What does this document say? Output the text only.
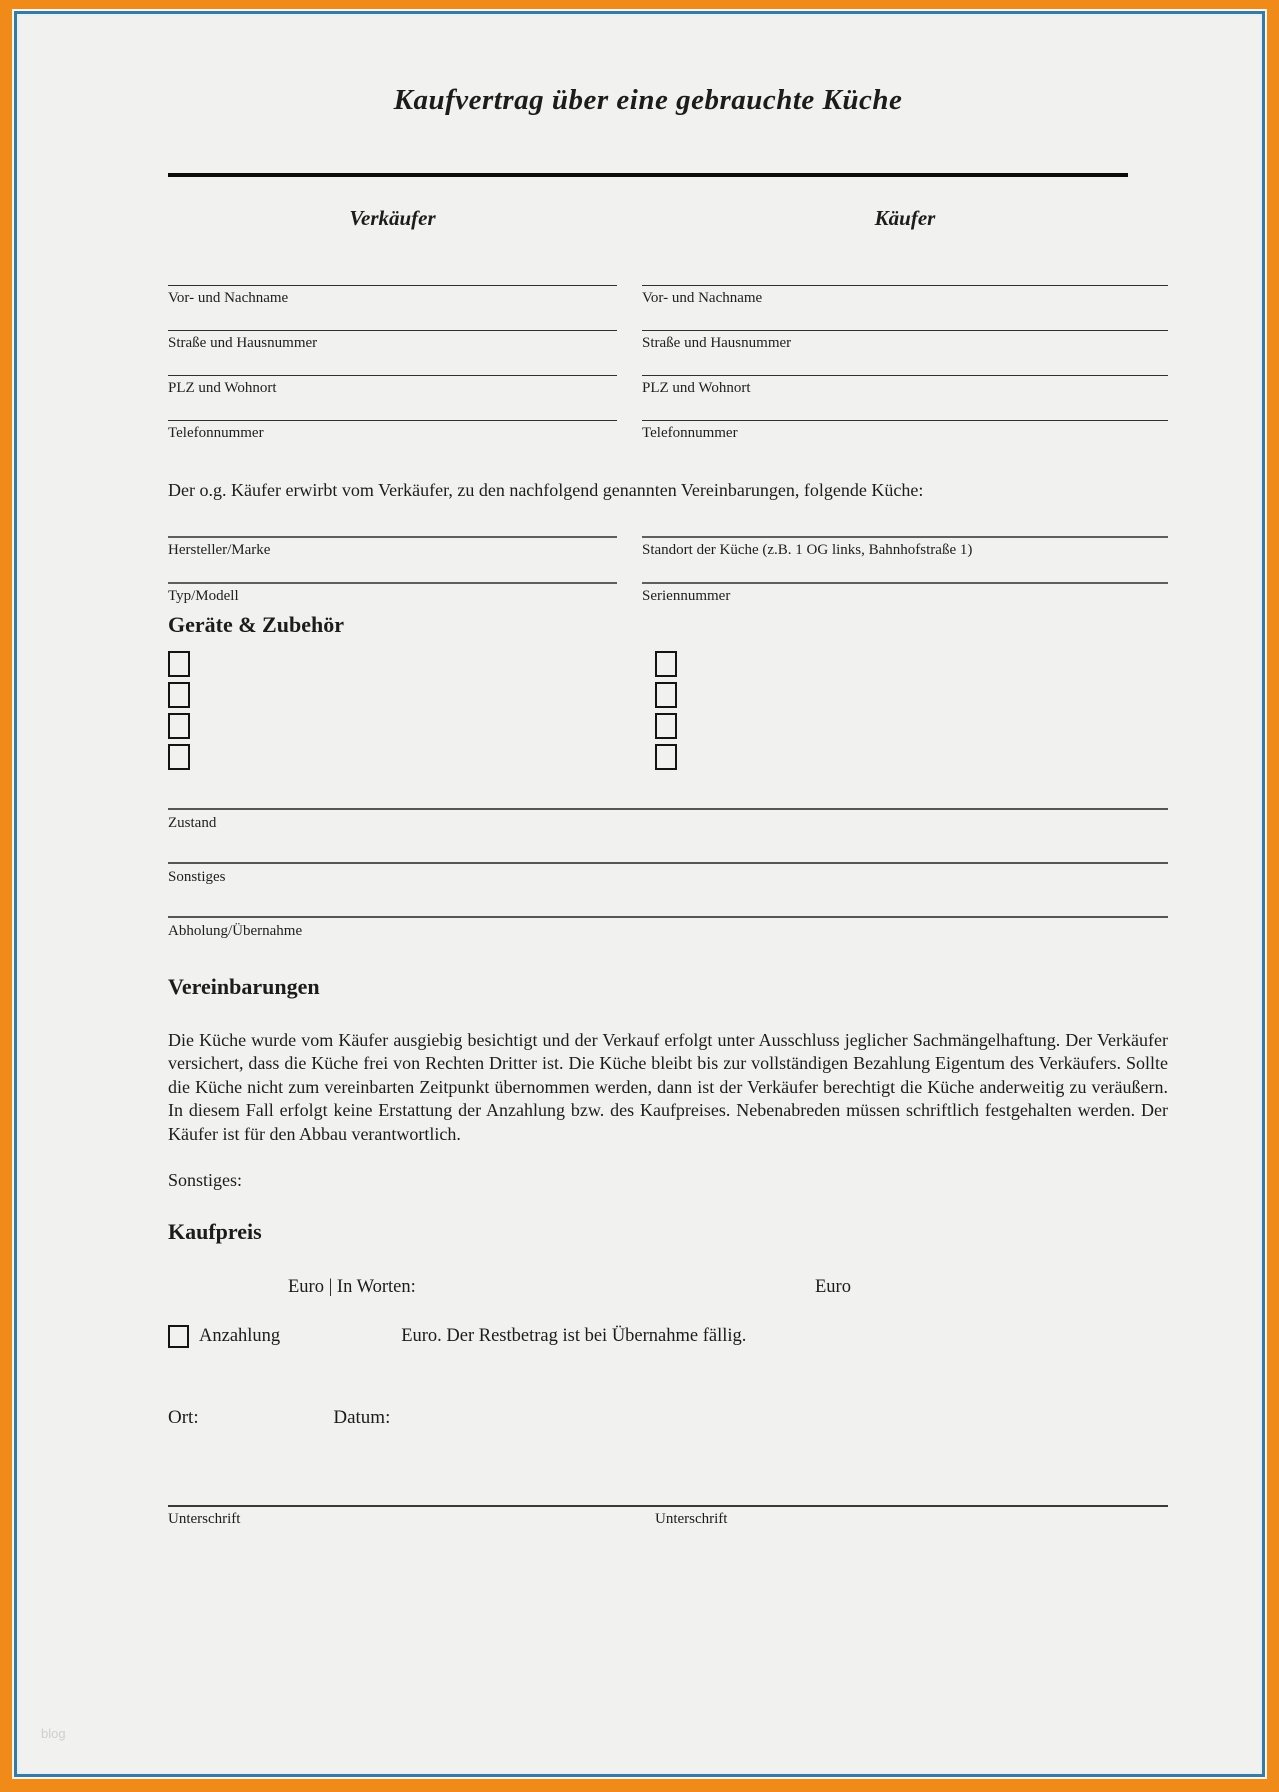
Kaufvertrag über eine gebrauchte Küche
Verkäufer	Käufer
Vor- und Nachname	Vor- und Nachname
Straße und Hausnummer	Straße und Hausnummer
PLZ und Wohnort	PLZ und Wohnort
Telefonnummer	Telefonnummer

Der o.g. Käufer erwirbt vom Verkäufer, zu den nachfolgend genannten Vereinbarungen, folgende Küche:

Hersteller/Marke	Standort der Küche (z.B. 1 OG links, Bahnhofstraße 1)
Typ/Modell	Seriennummer
Geräte & Zubehör
Zustand
Sonstiges
Abholung/Übernahme
Vereinbarungen

Die Küche wurde vom Käufer ausgiebig besichtigt und der Verkauf erfolgt unter Ausschluss jeglicher Sachmängelhaftung. Der Verkäufer versichert, dass die Küche frei von Rechten Dritter ist. Die Küche bleibt bis zur vollständigen Bezahlung Eigentum des Verkäufers. Sollte die Küche nicht zum vereinbarten Zeitpunkt übernommen werden, dann ist der Verkäufer berechtigt die Küche anderweitig zu veräußern. In diesem Fall erfolgt keine Erstattung der Anzahlung bzw. des Kaufpreises. Nebenabreden müssen schriftlich festgehalten werden. Der Käufer ist für den Abbau verantwortlich.

Sonstiges:

Kaufpreis
Euro | In Worten:	Euro
Anzahlung	Euro. Der Restbetrag ist bei Übernahme fällig.
Ort:	Datum:
Unterschrift	Unterschrift
blog
